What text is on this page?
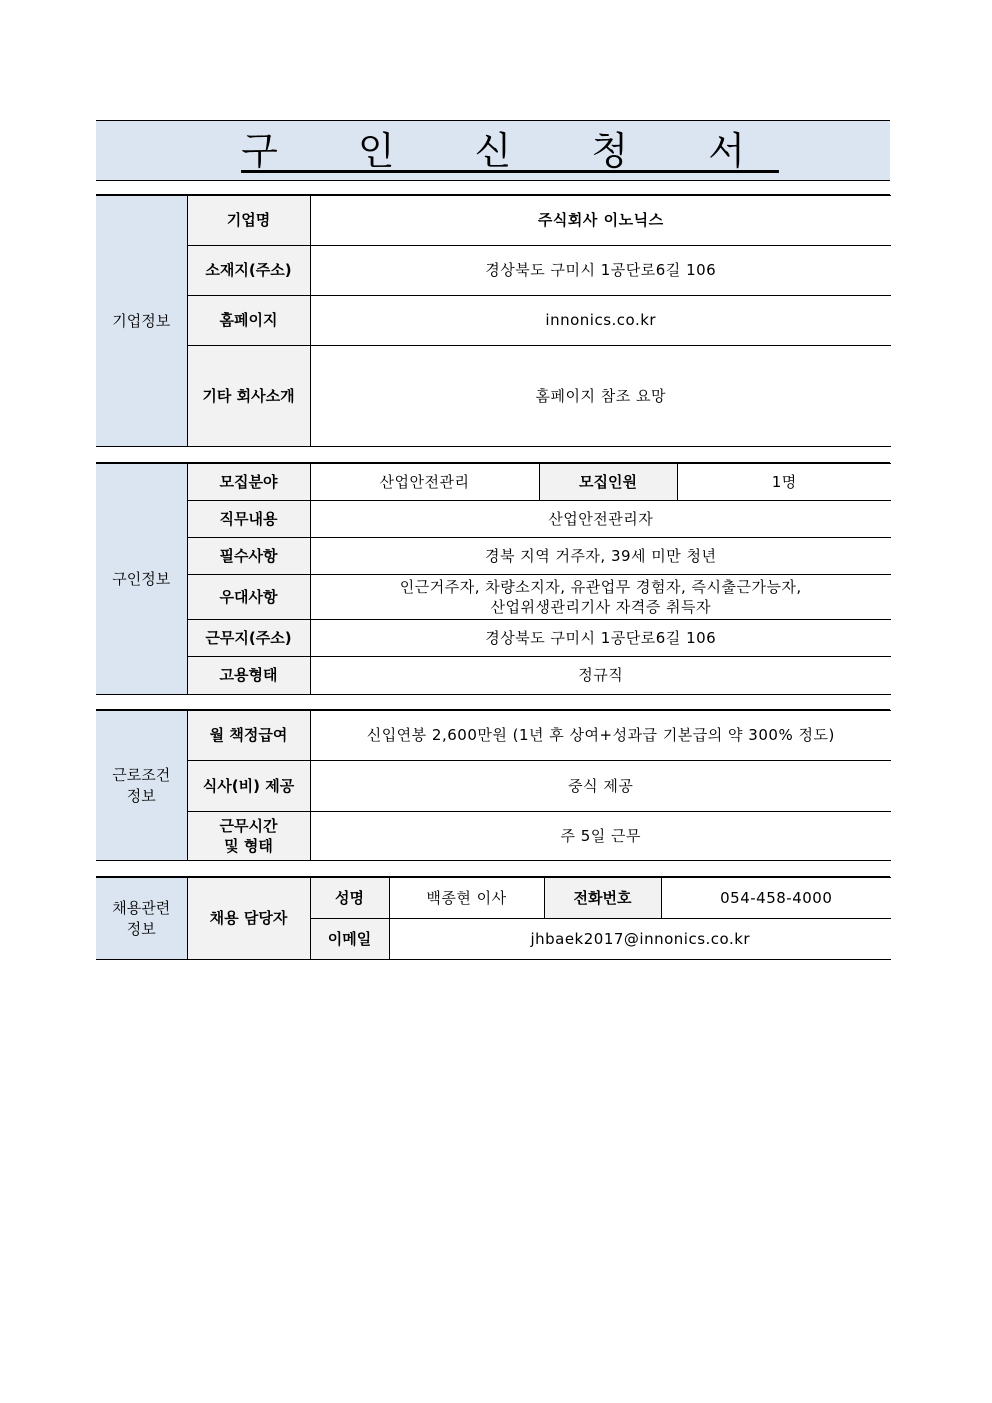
구 인 신 청 서
기업정보	기업명	주식회사 이노닉스
	소재지(주소)	경상북도 구미시 1공단로6길 106
	홈페이지	innonics.co.kr
	기타 회사소개	홈페이지 참조 요망
구인정보	모집분야	산업안전관리	모집인원	1명
	직무내용	산업안전관리자		
	필수사항	경북 지역 거주자, 39세 미만 청년		
	우대사항	인근거주자, 차량소지자, 유관업무 경험자, 즉시출근가능자,
산업위생관리기사 자격증 취득자		

	근무지(주소)	경상북도 구미시 1공단로6길 106		
	고용형태	정규직		
근로조건
정보	월 책정급여	신입연봉 2,600만원 (1년 후 상여+성과급 기본급의 약 300% 정도)
	식사(비) 제공	중식 제공

	근무시간
및 형태	주 5일 근무
채용관련
정보	채용 담당자	성명	백종현 이사	전화번호	054-458-4000
		이메일	jhbaek2017@innonics.co.kr		
